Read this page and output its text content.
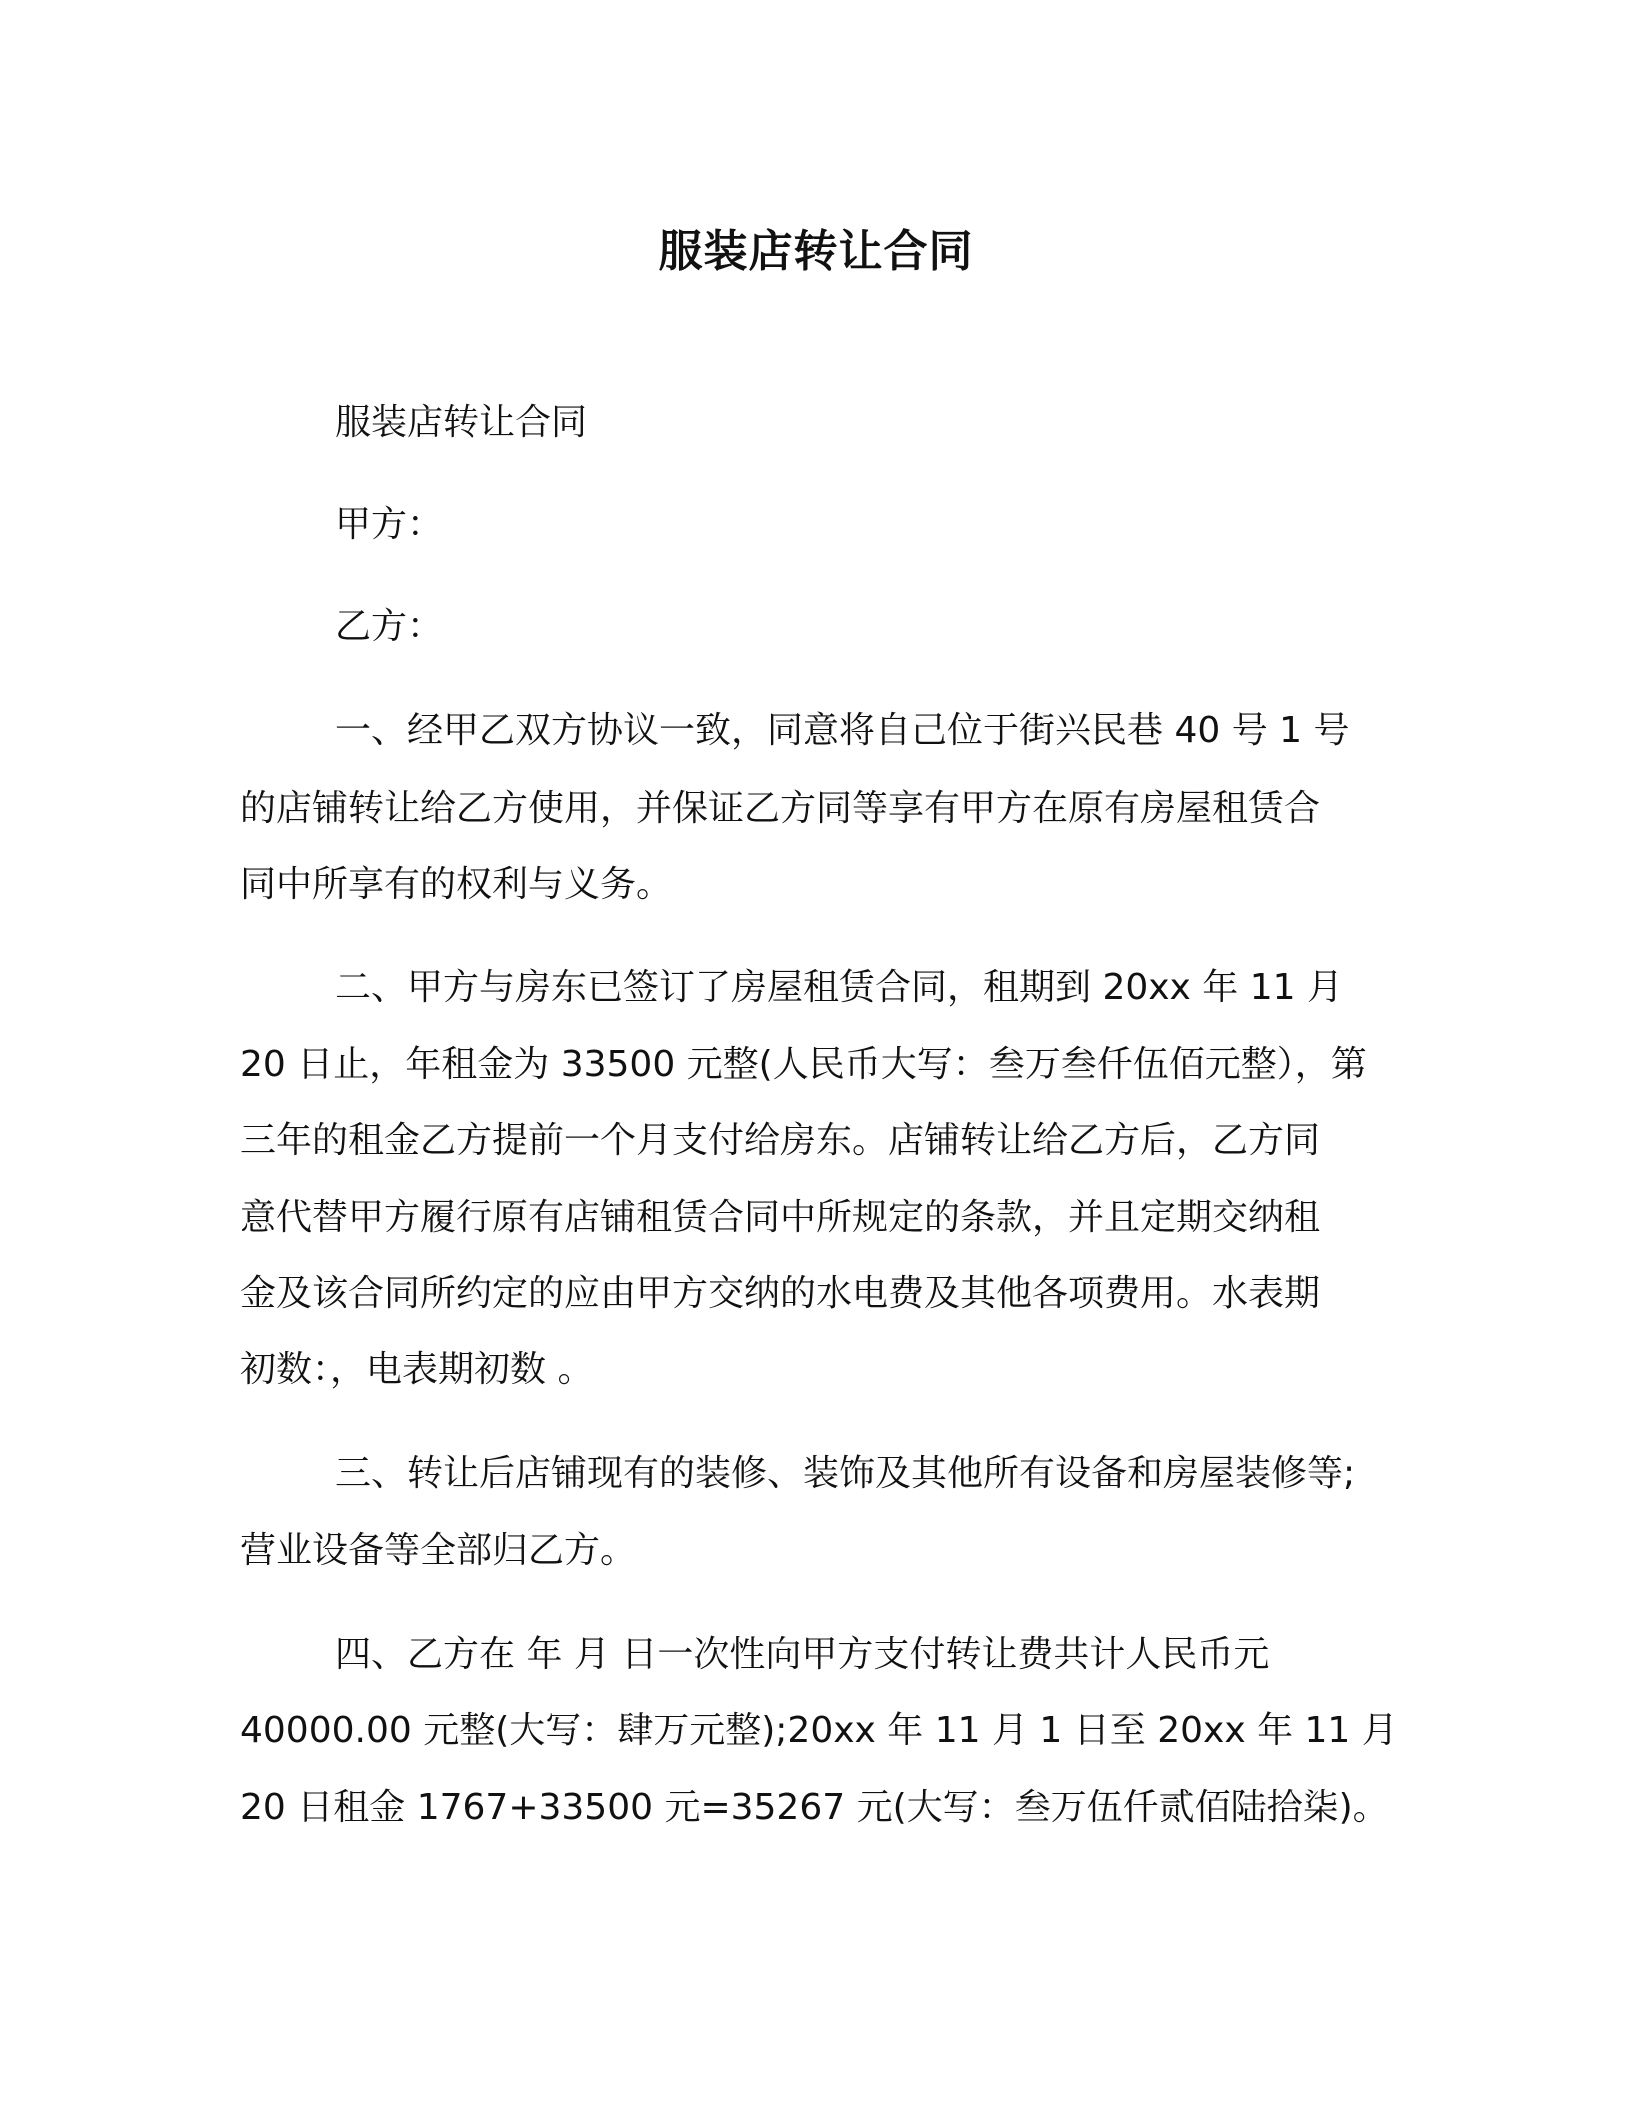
服装店转让合同
服装店转让合同
甲方：
乙方：
一、经甲乙双方协议一致，同意将自己位于街兴民巷 40 号 1 号
的店铺转让给乙方使用，并保证乙方同等享有甲方在原有房屋租赁合
同中所享有的权利与义务。
二、甲方与房东已签订了房屋租赁合同，租期到 20xx 年 11 月
20 日止，年租金为 33500 元整(人民币大写：叁万叁仟伍佰元整），第
三年的租金乙方提前一个月支付给房东。店铺转让给乙方后，乙方同
意代替甲方履行原有店铺租赁合同中所规定的条款，并且定期交纳租
金及该合同所约定的应由甲方交纳的水电费及其他各项费用。水表期
初数：，电表期初数 。
三、转让后店铺现有的装修、装饰及其他所有设备和房屋装修等;
营业设备等全部归乙方。
四、乙方在 年 月 日一次性向甲方支付转让费共计人民币元
40000.00 元整(大写：肆万元整);20xx 年 11 月 1 日至 20xx 年 11 月
20 日租金 1767+33500 元=35267 元(大写：叁万伍仟贰佰陆拾柒)。
